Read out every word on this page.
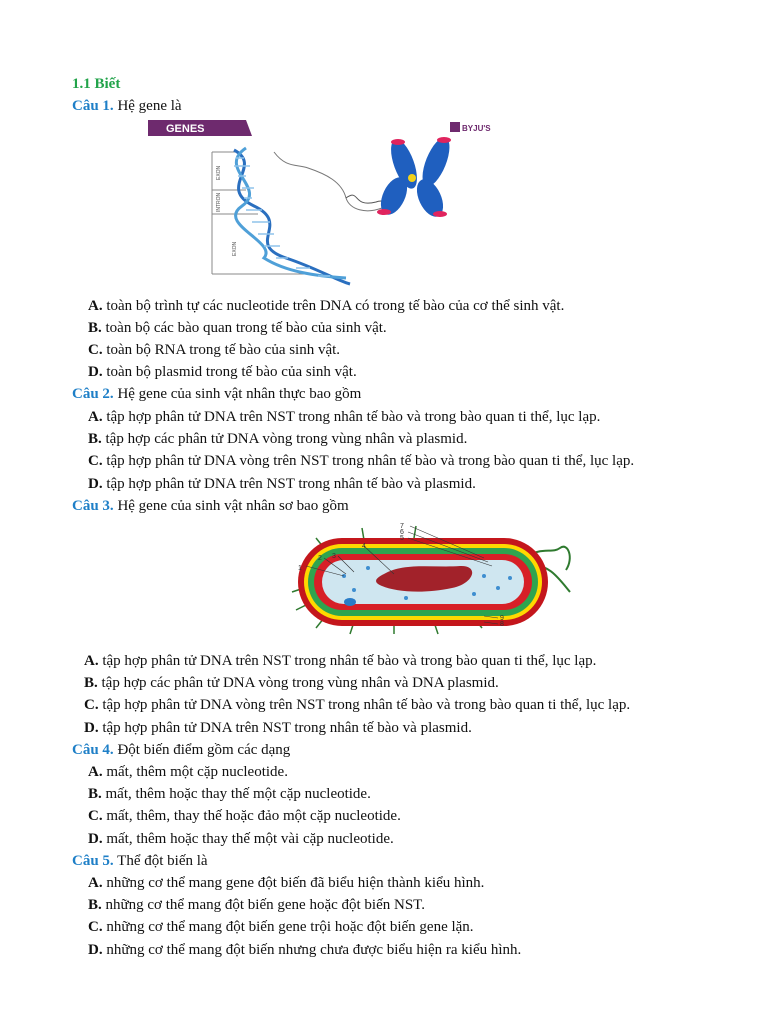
1.1 Biết
Câu 1. Hệ gene là
GENES	BYJU'S
EXON
INTRON
EXON
A. toàn bộ trình tự các nucleotide trên DNA có trong tế bào của cơ thể sinh vật.
B. toàn bộ các bào quan trong tế bào của sinh vật.
C. toàn bộ RNA trong tế bào của sinh vật.
D. toàn bộ plasmid trong tế bào của sinh vật.
Câu 2. Hệ gene của sinh vật nhân thực bao gồm
A. tập hợp phân tử DNA trên NST trong nhân tế bào và trong bào quan ti thể, lục lạp.
B. tập hợp các phân tử DNA vòng trong vùng nhân và plasmid.
C. tập hợp phân tử DNA vòng trên NST trong nhân tế bào và trong bào quan ti thể, lục lạp.
D. tập hợp phân tử DNA trên NST trong nhân tế bào và plasmid.
Câu 3. Hệ gene của sinh vật nhân sơ bao gồm
1
2 3
4
5
6
7
8
9
A. tập hợp phân tử DNA trên NST trong nhân tế bào và trong bào quan ti thể, lục lạp.
B. tập hợp các phân tử DNA vòng trong vùng nhân và DNA plasmid.
C. tập hợp phân tử DNA vòng trên NST trong nhân tế bào và trong bào quan ti thể, lục lạp.
D. tập hợp phân tử DNA trên NST trong nhân tế bào và plasmid.
Câu 4. Đột biến điểm gồm các dạng
A. mất, thêm một cặp nucleotide.
B. mất, thêm hoặc thay thế một cặp nucleotide.
C. mất, thêm, thay thế hoặc đảo một cặp nucleotide.
D. mất, thêm hoặc thay thế một vài cặp nucleotide.
Câu 5. Thể đột biến là
A. những cơ thể mang gene đột biến đã biểu hiện thành kiểu hình.
B. những cơ thể mang đột biến gene hoặc đột biến NST.
C. những cơ thể mang đột biến gene trội hoặc đột biến gene lặn.
D. những cơ thể mang đột biến nhưng chưa được biểu hiện ra kiểu hình.
